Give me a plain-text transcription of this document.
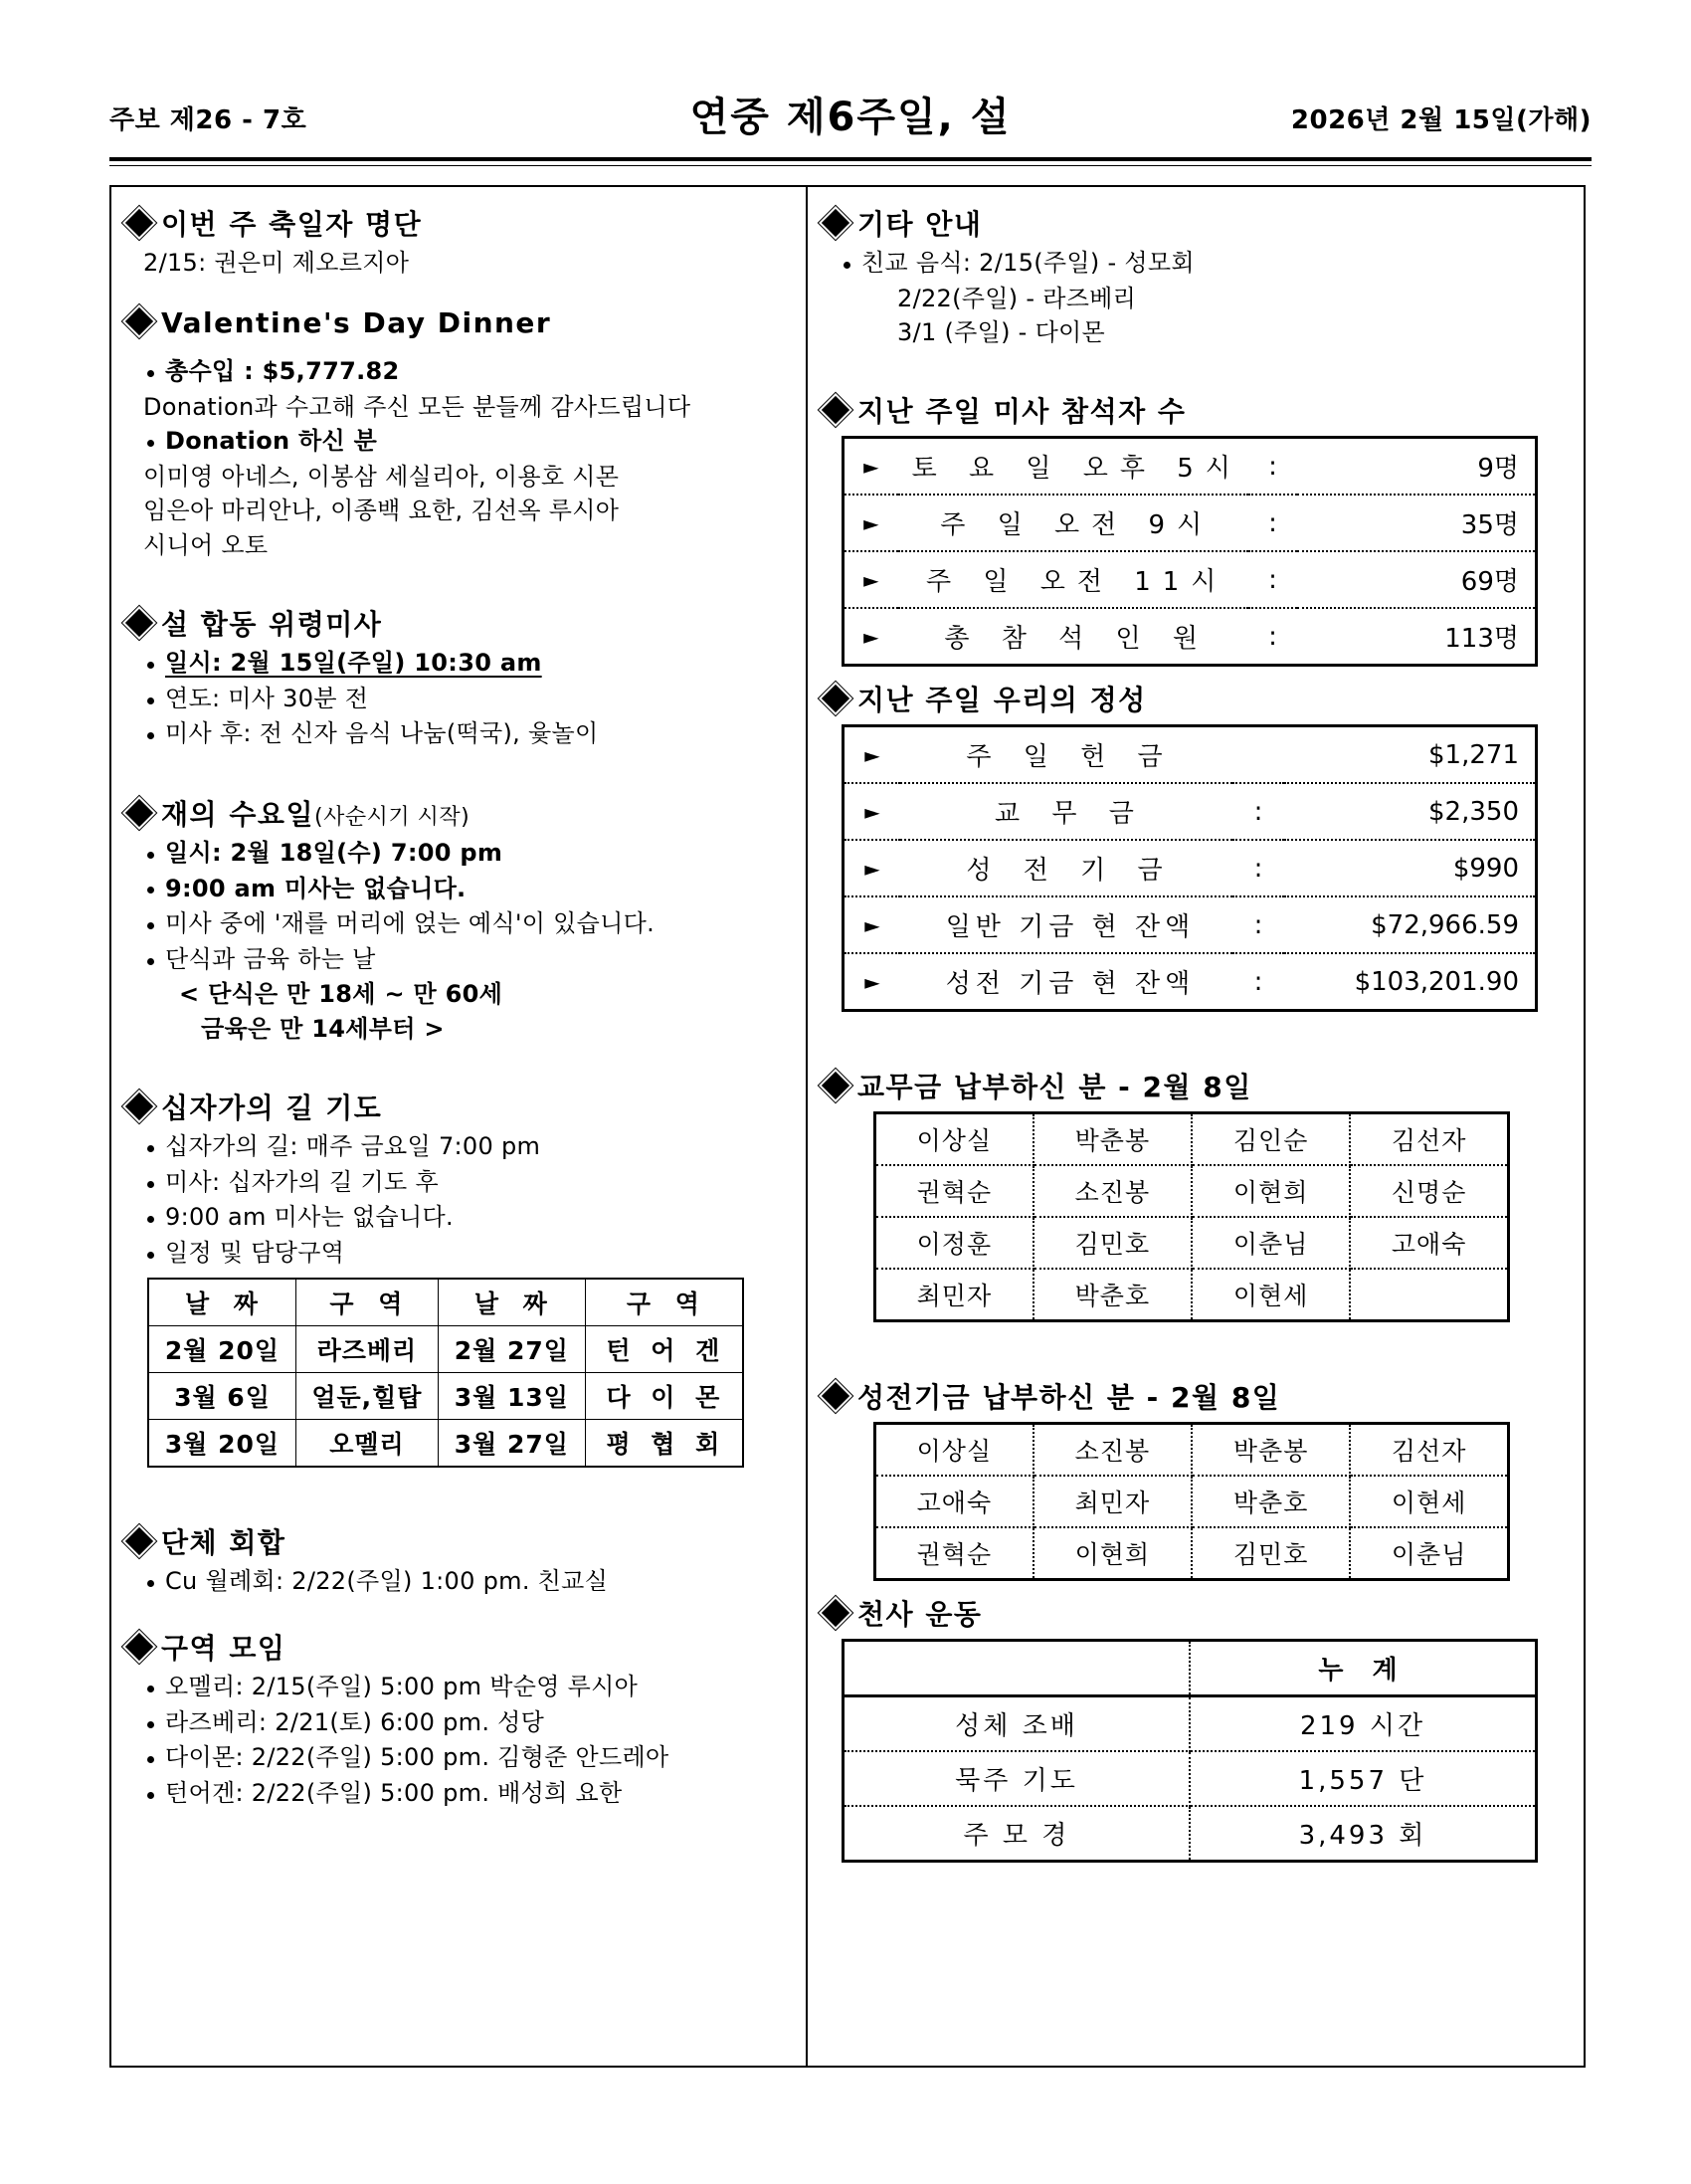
주보 제26 - 7호	연중 제6주일, 설	2026년 2월 15일(가해)
이번 주 축일자 명단
2/15: 권은미 제오르지아
Valentine's Day Dinner
총수입 : $5,777.82
Donation과 수고해 주신 모든 분들께 감사드립니다
Donation 하신 분
이미영 아네스, 이봉삼 세실리아, 이용호 시몬
임은아 마리안나, 이종백 요한, 김선옥 루시아
시니어 오토
설 합동 위령미사
일시: 2월 15일(주일) 10:30 am
연도: 미사 30분 전
미사 후: 전 신자 음식 나눔(떡국), 윷놀이
재의 수요일 (사순시기 시작)
일시: 2월 18일(수) 7:00 pm
9:00 am 미사는 없습니다.
미사 중에 '재를 머리에 얹는 예식'이 있습니다.
단식과 금육 하는 날
< 단식은 만 18세 ~ 만 60세
금육은 만 14세부터 >
십자가의 길 기도
십자가의 길: 매주 금요일 7:00 pm
미사: 십자가의 길 기도 후
9:00 am 미사는 없습니다.
일정 및 담당구역
날 짜	구 역	날 짜	구 역
2월 20일	라즈베리	2월 27일	턴 어 겐
3월 6일	얼둔,힐탑	3월 13일	다 이 몬
3월 20일	오멜리	3월 27일	평 협 회
단체 회합
Cu 월례회: 2/22(주일) 1:00 pm. 친교실
구역 모임
오멜리: 2/15(주일) 5:00 pm 박순영 루시아
라즈베리: 2/21(토) 6:00 pm. 성당
다이몬: 2/22(주일) 5:00 pm. 김형준 안드레아
턴어겐: 2/22(주일) 5:00 pm. 배성희 요한
기타 안내
친교 음식: 2/15(주일) - 성모회
2/22(주일) - 라즈베리
3/1 (주일) - 다이몬
지난 주일 미사 참석자 수
►	토 요 일 오후 5시	:	9명
►	주 일 오전 9시	:	35명
►	주 일 오전 11시	:	69명
►	총 참 석 인 원	:	113명
지난 주일 우리의 정성
►	주 일 헌 금		$1,271
►	교 무 금	:	$2,350
►	성 전 기 금	:	$990
►	일반 기금 현 잔액	:	$72,966.59
►	성전 기금 현 잔액	:	$103,201.90
교무금 납부하신 분 - 2월 8일
이상실	박춘봉	김인순	김선자
권혁순	소진봉	이현희	신명순
이정훈	김민호	이춘님	고애숙
최민자	박춘호	이현세	
성전기금 납부하신 분 - 2월 8일
이상실	소진봉	박춘봉	김선자
고애숙	최민자	박춘호	이현세
권혁순	이현희	김민호	이춘님
천사 운동
	누 계
성체 조배	219 시간
묵주 기도	1,557 단
주 모 경	3,493 회
